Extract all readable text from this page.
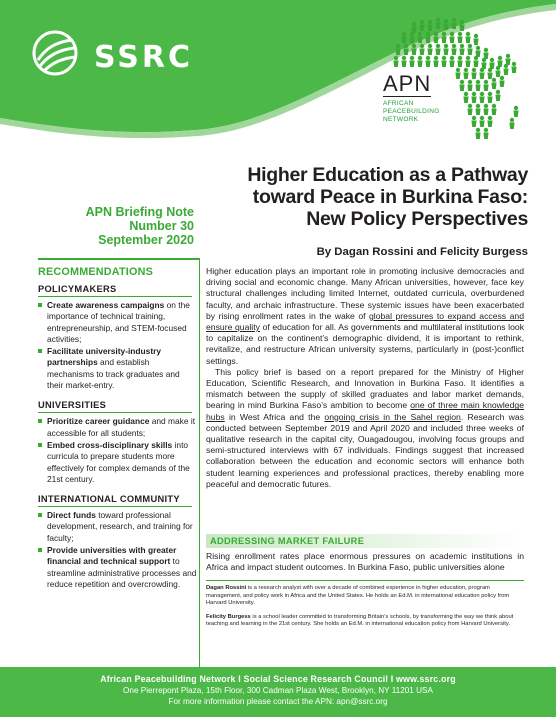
SSRC
APN
AFRICAN
PEACEBUILDING
NETWORK
APN Briefing Note
Number 30
September 2020
Higher Education as a Pathway
toward Peace in Burkina Faso:
New Policy Perspectives
By Dagan Rossini and Felicity Burgess
RECOMMENDATIONS
POLICYMAKERS
Create awareness campaigns on the importance of technical training, entrepreneurship, and STEM-focused activities;
Facilitate university-industry partnerships and establish mechanisms to track graduates and their market-entry.
UNIVERSITIES
Prioritize career guidance and make it accessible for all students;
Embed cross-disciplinary skills into curricula to prepare students more effectively for complex demands of the 21st century.
INTERNATIONAL COMMUNITY
Direct funds toward professional development, research, and training for faculty;
Provide universities with greater financial and technical support to streamline administrative processes and reduce repetition and overcrowding.

Higher education plays an important role in promoting inclusive democracies and driving social and economic change. Many African universities, however, face key structural challenges including limited Internet, outdated curricula, overburdened faculty, and archaic infrastructure. These systemic issues have been exacerbated by rising enrollment rates in the wake of global pressures to expand access and ensure quality of education for all. As governments and multilateral institutions look to capitalize on the continent’s demographic dividend, it is important to rethink, revitalize, and restructure African university systems, particularly in (post-)conflict settings.

This policy brief is based on a report prepared for the Ministry of Higher Education, Scientific Research, and Innovation in Burkina Faso. It identifies a mismatch between the supply of skilled graduates and labor market demands, bearing in mind Burkina Faso’s ambition to become one of three main knowledge hubs in West Africa and the ongoing crisis in the Sahel region. Research was conducted between September 2019 and April 2020 and included three weeks of qualitative research in the capital city, Ouagadougou, involving focus groups and semi-structured interviews with 67 individuals. Findings suggest that increased collaboration between the education and economic sectors will enhance both student learning experiences and professional practices, thereby enabling more peaceful and democratic futures.

ADDRESSING MARKET FAILURE
Rising enrollment rates place enormous pressures on academic institutions in Africa and impact student outcomes. In Burkina Faso, public universities alone

Dagan Rossini is a research analyst with over a decade of combined experience in higher education, program management, and policy work in Africa and the United States. He holds an Ed.M. in international education policy from Harvard University.

Felicity Burgess is a school leader committed to transforming Britain’s schools, by transforming the way we think about teaching and learning in the 21st century. She holds an Ed.M. in international education policy from Harvard University.

African Peacebuilding Network I Social Science Research Council I www.ssrc.org
One Pierrepont Plaza, 15th Floor, 300 Cadman Plaza West, Brooklyn, NY 11201 USA
For more information please contact the APN: apn@ssrc.org
